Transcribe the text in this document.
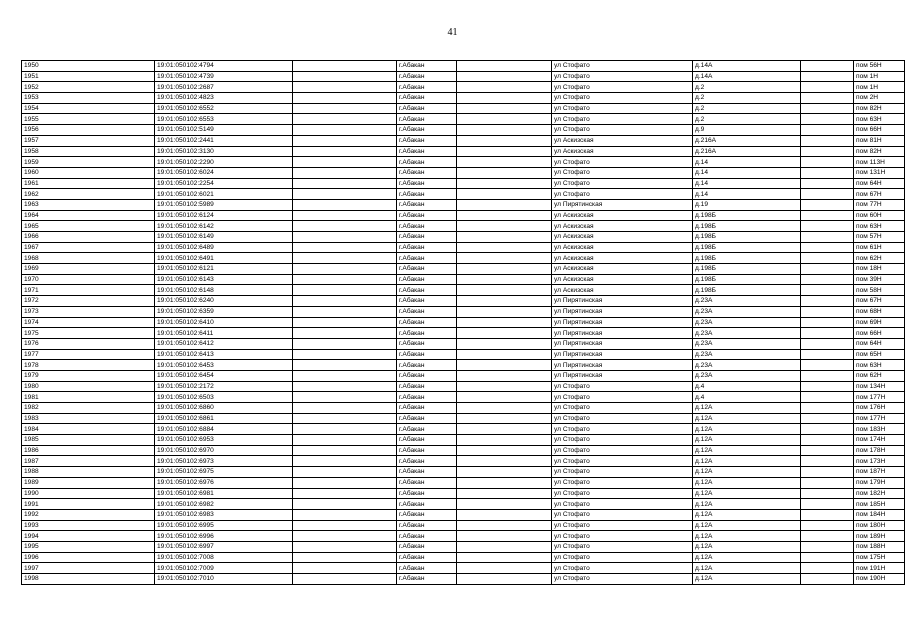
41
1950	19:01:050102:4794		г.Абакан		ул Стофато	д.14А		пом 56Н
1951	19:01:050102:4739		г.Абакан		ул Стофато	д.14А		пом 1Н
1952	19:01:050102:2687		г.Абакан		ул Стофато	д.2		пом 1Н
1953	19:01:050102:4823		г.Абакан		ул Стофато	д.2		пом 2Н
1954	19:01:050102:6552		г.Абакан		ул Стофато	д.2		пом 82Н
1955	19:01:050102:6553		г.Абакан		ул Стофато	д.2		пом 63Н
1956	19:01:050102:5149		г.Абакан		ул Стофато	д.9		пом 66Н
1957	19:01:050102:2441		г.Абакан		ул Аскизская	д.216А		пом 81Н
1958	19:01:050102:3130		г.Абакан		ул Аскизская	д.216А		пом 82Н
1959	19:01:050102:2290		г.Абакан		ул Стофато	д.14		пом 113Н
1960	19:01:050102:6024		г.Абакан		ул Стофато	д.14		пом 131Н
1961	19:01:050102:2254		г.Абакан		ул Стофато	д.14		пом 64Н
1962	19:01:050102:6021		г.Абакан		ул Стофато	д.14		пом 67Н
1963	19:01:050102:5989		г.Абакан		ул Пирятинская	д.19		пом 77Н
1964	19:01:050102:6124		г.Абакан		ул Аскизская	д.198Б		пом 60Н
1965	19:01:050102:6142		г.Абакан		ул Аскизская	д.198Б		пом 63Н
1966	19:01:050102:6149		г.Абакан		ул Аскизская	д.198Б		пом 57Н
1967	19:01:050102:6489		г.Абакан		ул Аскизская	д.198Б		пом 61Н
1968	19:01:050102:6491		г.Абакан		ул Аскизская	д.198Б		пом 62Н
1969	19:01:050102:6121		г.Абакан		ул Аскизская	д.198Б		пом 18Н
1970	19:01:050102:6143		г.Абакан		ул Аскизская	д.198Б		пом 39Н
1971	19:01:050102:6148		г.Абакан		ул Аскизская	д.198Б		пом 58Н
1972	19:01:050102:6240		г.Абакан		ул Пирятинская	д.23А		пом 67Н
1973	19:01:050102:6359		г.Абакан		ул Пирятинская	д.23А		пом 68Н
1974	19:01:050102:6410		г.Абакан		ул Пирятинская	д.23А		пом 69Н
1975	19:01:050102:6411		г.Абакан		ул Пирятинская	д.23А		пом 66Н
1976	19:01:050102:6412		г.Абакан		ул Пирятинская	д.23А		пом 64Н
1977	19:01:050102:6413		г.Абакан		ул Пирятинская	д.23А		пом 65Н
1978	19:01:050102:6453		г.Абакан		ул Пирятинская	д.23А		пом 63Н
1979	19:01:050102:6454		г.Абакан		ул Пирятинская	д.23А		пом 62Н
1980	19:01:050102:2172		г.Абакан		ул Стофато	д.4		пом 134Н
1981	19:01:050102:6503		г.Абакан		ул Стофато	д.4		пом 177Н
1982	19:01:050102:6860		г.Абакан		ул Стофато	д.12А		пом 176Н
1983	19:01:050102:6861		г.Абакан		ул Стофато	д.12А		пом 177Н
1984	19:01:050102:6884		г.Абакан		ул Стофато	д.12А		пом 183Н
1985	19:01:050102:6953		г.Абакан		ул Стофато	д.12А		пом 174Н
1986	19:01:050102:6970		г.Абакан		ул Стофато	д.12А		пом 178Н
1987	19:01:050102:6973		г.Абакан		ул Стофато	д.12А		пом 173Н
1988	19:01:050102:6975		г.Абакан		ул Стофато	д.12А		пом 187Н
1989	19:01:050102:6976		г.Абакан		ул Стофато	д.12А		пом 179Н
1990	19:01:050102:6981		г.Абакан		ул Стофато	д.12А		пом 182Н
1991	19:01:050102:6982		г.Абакан		ул Стофато	д.12А		пом 185Н
1992	19:01:050102:6983		г.Абакан		ул Стофато	д.12А		пом 184Н
1993	19:01:050102:6995		г.Абакан		ул Стофато	д.12А		пом 180Н
1994	19:01:050102:6996		г.Абакан		ул Стофато	д.12А		пом 189Н
1995	19:01:050102:6997		г.Абакан		ул Стофато	д.12А		пом 188Н
1996	19:01:050102:7008		г.Абакан		ул Стофато	д.12А		пом 175Н
1997	19:01:050102:7009		г.Абакан		ул Стофато	д.12А		пом 191Н
1998	19:01:050102:7010		г.Абакан		ул Стофато	д.12А		пом 190Н
